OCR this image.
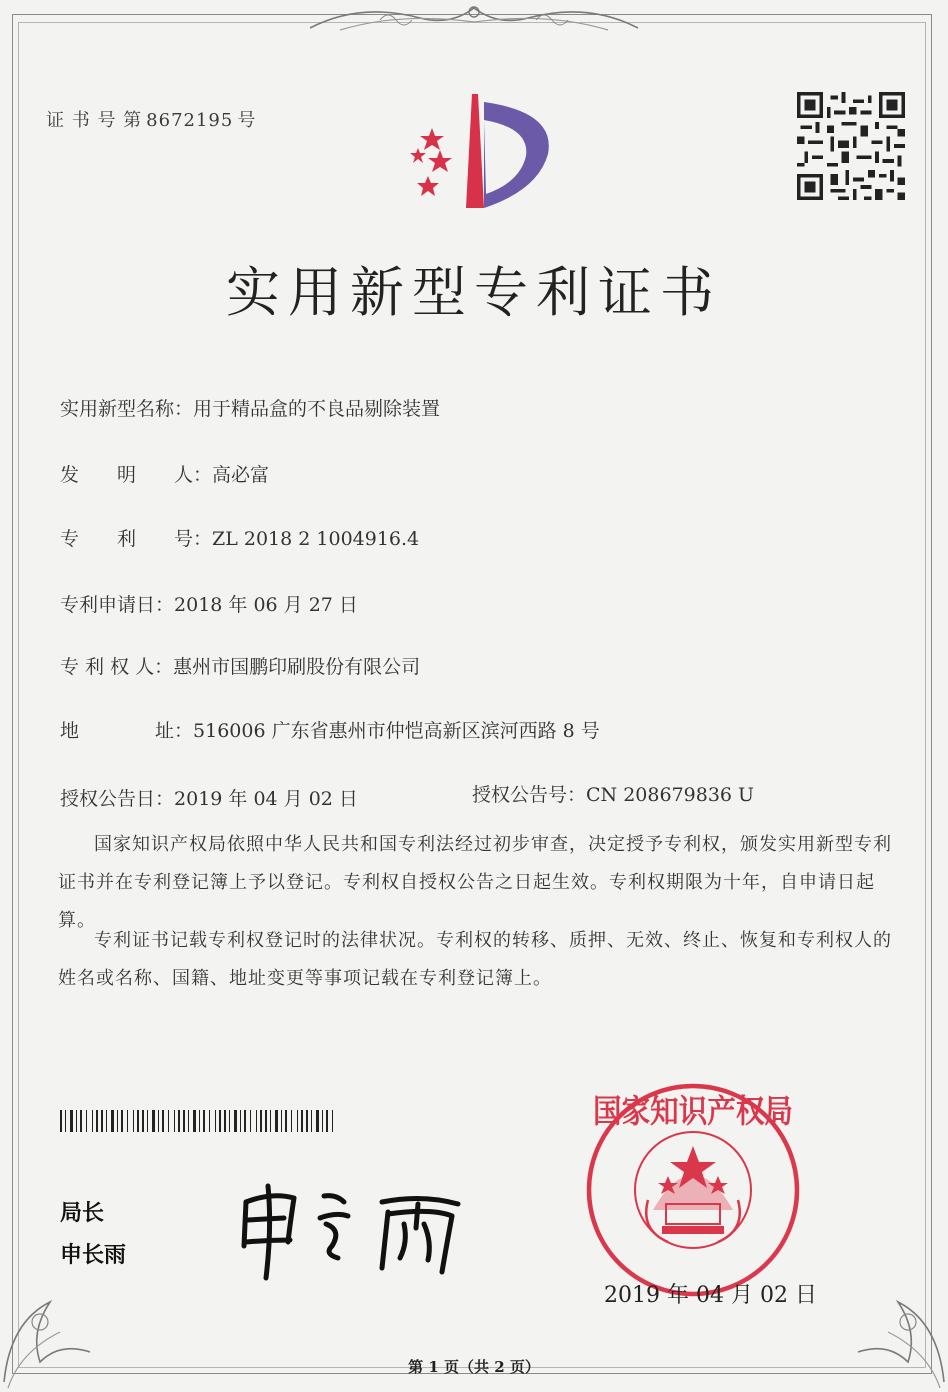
证 书 号 第 8672195 号
实用新型专利证书
实用新型名称：用于精品盒的不良品剔除装置
发　　明　　人：高必富
专　　利　　号：ZL 2018 2 1004916.4
专利申请日：2018 年 06 月 27 日
专 利 权 人：惠州市国鹏印刷股份有限公司
地　　　　址：516006 广东省惠州市仲恺高新区滨河西路 8 号
授权公告日：2019 年 04 月 02 日	授权公告号：CN 208679836 U
国家知识产权局依照中华人民共和国专利法经过初步审查，决定授予专利权，颁发实用新型专利证书并在专利登记簿上予以登记。专利权自授权公告之日起生效。专利权期限为十年，自申请日起算。
专利证书记载专利权登记时的法律状况。专利权的转移、质押、无效、终止、恢复和专利权人的姓名或名称、国籍、地址变更等事项记载在专利登记簿上。
局长
申长雨
国家知识产权局
2019 年 04 月 02 日
第 1 页（共 2 页）
